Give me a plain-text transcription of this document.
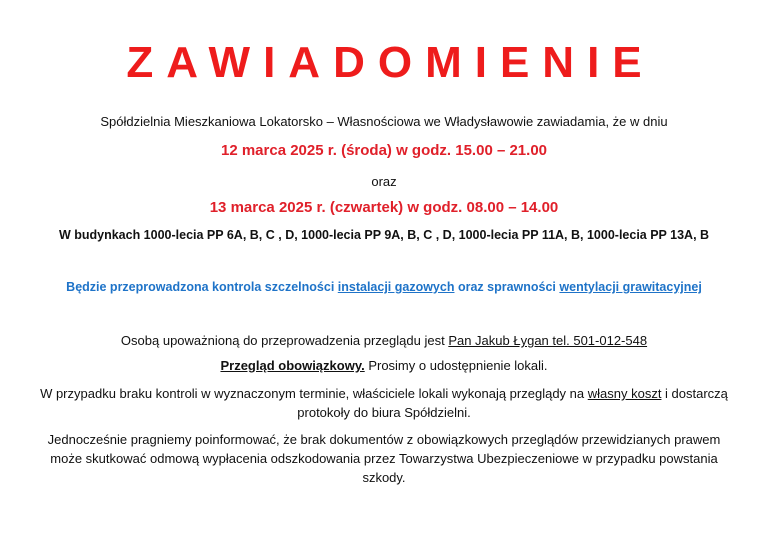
ZAWIADOMIENIE
Spółdzielnia Mieszkaniowa Lokatorsko – Własnościowa we Władysławowie zawiadamia, że w dniu
12 marca 2025 r. (środa) w godz. 15.00 – 21.00
oraz
13 marca 2025 r. (czwartek) w godz. 08.00 – 14.00
W budynkach 1000-lecia PP 6A, B, C , D, 1000-lecia PP 9A, B, C , D, 1000-lecia PP 11A, B, 1000-lecia PP 13A, B
Będzie przeprowadzona kontrola szczelności instalacji gazowych oraz sprawności wentylacji grawitacyjnej
Osobą upoważnioną do przeprowadzenia przeglądu jest Pan Jakub Łygan tel. 501-012-548
Przegląd obowiązkowy. Prosimy o udostępnienie lokali.
W przypadku braku kontroli w wyznaczonym terminie, właściciele lokali wykonają przeglądy na własny koszt i dostarczą protokoły do biura Spółdzielni.
Jednocześnie pragniemy poinformować, że brak dokumentów z obowiązkowych przeglądów przewidzianych prawem może skutkować odmową wypłacenia odszkodowania przez Towarzystwa Ubezpieczeniowe w przypadku powstania szkody.
